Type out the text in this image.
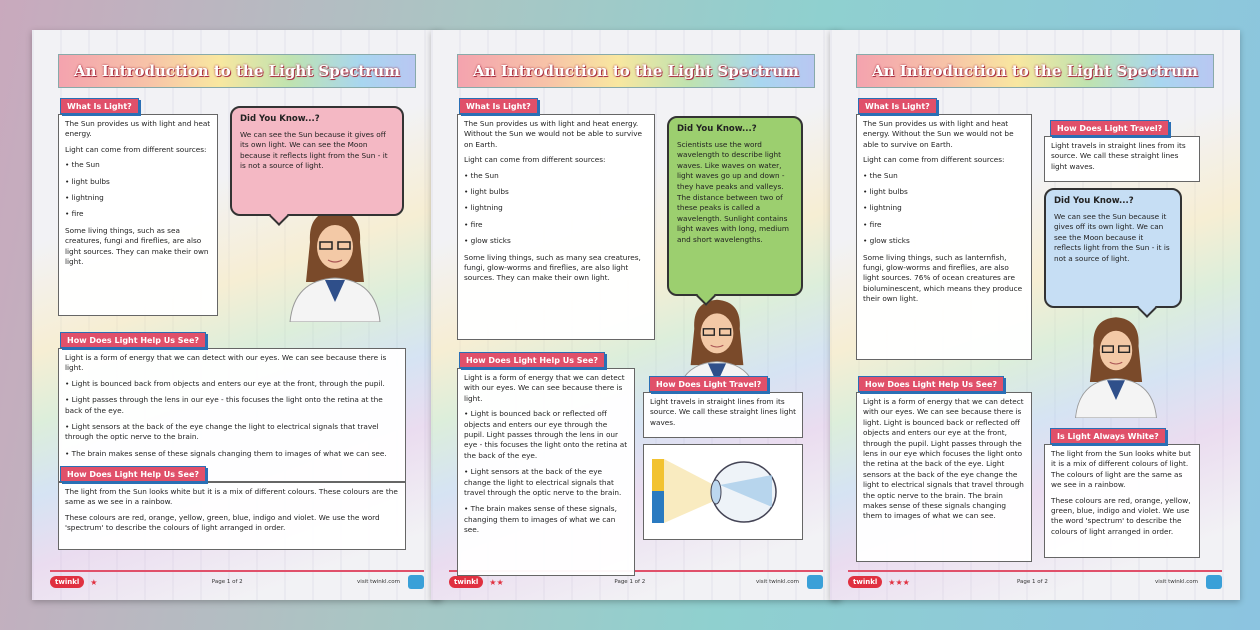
An Introduction to the Light Spectrum
What Is Light?

The Sun provides us with light and heat energy.

Light can come from different sources:

• the Sun
• light bulbs
• lightning
• fire

Some living things, such as sea creatures, fungi and fireflies, are also light sources. They can make their own light.

Did You Know...?
We can see the Sun because it gives off its own light. We can see the Moon because it reflects light from the Sun - it is not a source of light.
How Does Light Help Us See?

Light is a form of energy that we can detect with our eyes. We can see because there is light.

• Light is bounced back from objects and enters our eye at the front, through the pupil.
• Light passes through the lens in our eye - this focuses the light onto the retina at the back of the eye.
• Light sensors at the back of the eye change the light to electrical signals that travel through the optic nerve to the brain.
• The brain makes sense of these signals changing them to images of what we can see.
How Does Light Help Us See?

The light from the Sun looks white but it is a mix of different colours. These colours are the same as we see in a rainbow.

These colours are red, orange, yellow, green, blue, indigo and violet. We use the word 'spectrum' to describe the colours of light arranged in order.

twinkl	★	Page 1 of 2	visit twinkl.com
An Introduction to the Light Spectrum
What Is Light?

The Sun provides us with light and heat energy. Without the Sun we would not be able to survive on Earth.

Light can come from different sources:

• the Sun
• light bulbs
• lightning
• fire
• glow sticks

Some living things, such as many sea creatures, fungi, glow-worms and fireflies, are also light sources. They can make their own light.

Did You Know...?
Scientists use the word wavelength to describe light waves. Like waves on water, light waves go up and down - they have peaks and valleys. The distance between two of these peaks is called a wavelength. Sunlight contains light waves with long, medium and short wavelengths.
How Does Light Help Us See?

Light is a form of energy that we can detect with our eyes. We can see because there is light.

• Light is bounced back or reflected off objects and enters our eye through the pupil. Light passes through the lens in our eye - this focuses the light onto the retina at the back of the eye.
• Light sensors at the back of the eye change the light to electrical signals that travel through the optic nerve to the brain.
• The brain makes sense of these signals, changing them to images of what we can see.
How Does Light Travel?

Light travels in straight lines from its source. We call these straight lines light waves.

twinkl	★★	Page 1 of 2	visit twinkl.com
An Introduction to the Light Spectrum
What Is Light?

The Sun provides us with light and heat energy. Without the Sun we would not be able to survive on Earth.

Light can come from different sources:

• the Sun
• light bulbs
• lightning
• fire
• glow sticks

Some living things, such as lanternfish, fungi, glow-worms and fireflies, are also light sources. 76% of ocean creatures are bioluminescent, which means they produce their own light.

How Does Light Travel?

Light travels in straight lines from its source. We call these straight lines light waves.

Did You Know...?
We can see the Sun because it gives off its own light. We can see the Moon because it reflects light from the Sun - it is not a source of light.
How Does Light Help Us See?

Light is a form of energy that we can detect with our eyes. We can see because there is light. Light is bounced back or reflected off objects and enters our eye at the front, through the pupil. Light passes through the lens in our eye which focuses the light onto the retina at the back of the eye. Light sensors at the back of the eye change the light to electrical signals that travel through the optic nerve to the brain. The brain makes sense of these signals changing them to images of what we can see.

Is Light Always White?

The light from the Sun looks white but it is a mix of different colours of light. The colours of light are the same as we see in a rainbow.

These colours are red, orange, yellow, green, blue, indigo and violet. We use the word 'spectrum' to describe the colours of light arranged in order.

twinkl	★★★	Page 1 of 2	visit twinkl.com
